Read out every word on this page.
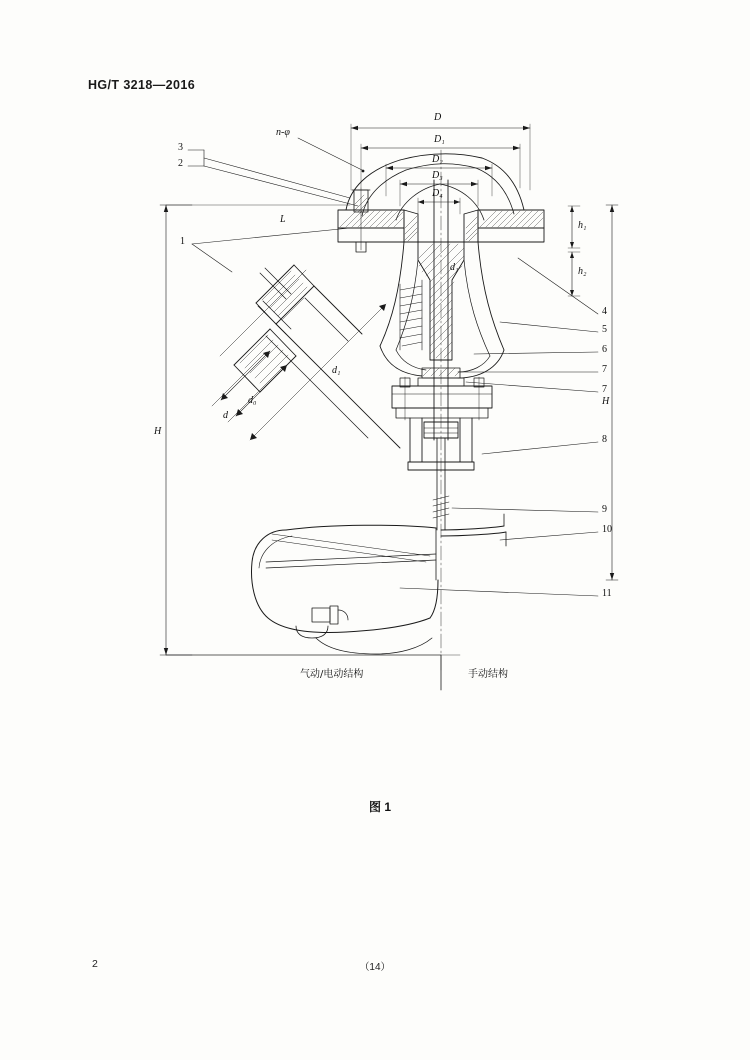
HG/T 3218—2016
D
D₁
D₂
D₃
D₄
d₁
d
d₀
d₁
L
H
H
h₁
h₂
n-φ
3
2
1
4
5
6
7
7
8
9
10
11
气动/电动结构	手动结构
图 1
2	（14）
